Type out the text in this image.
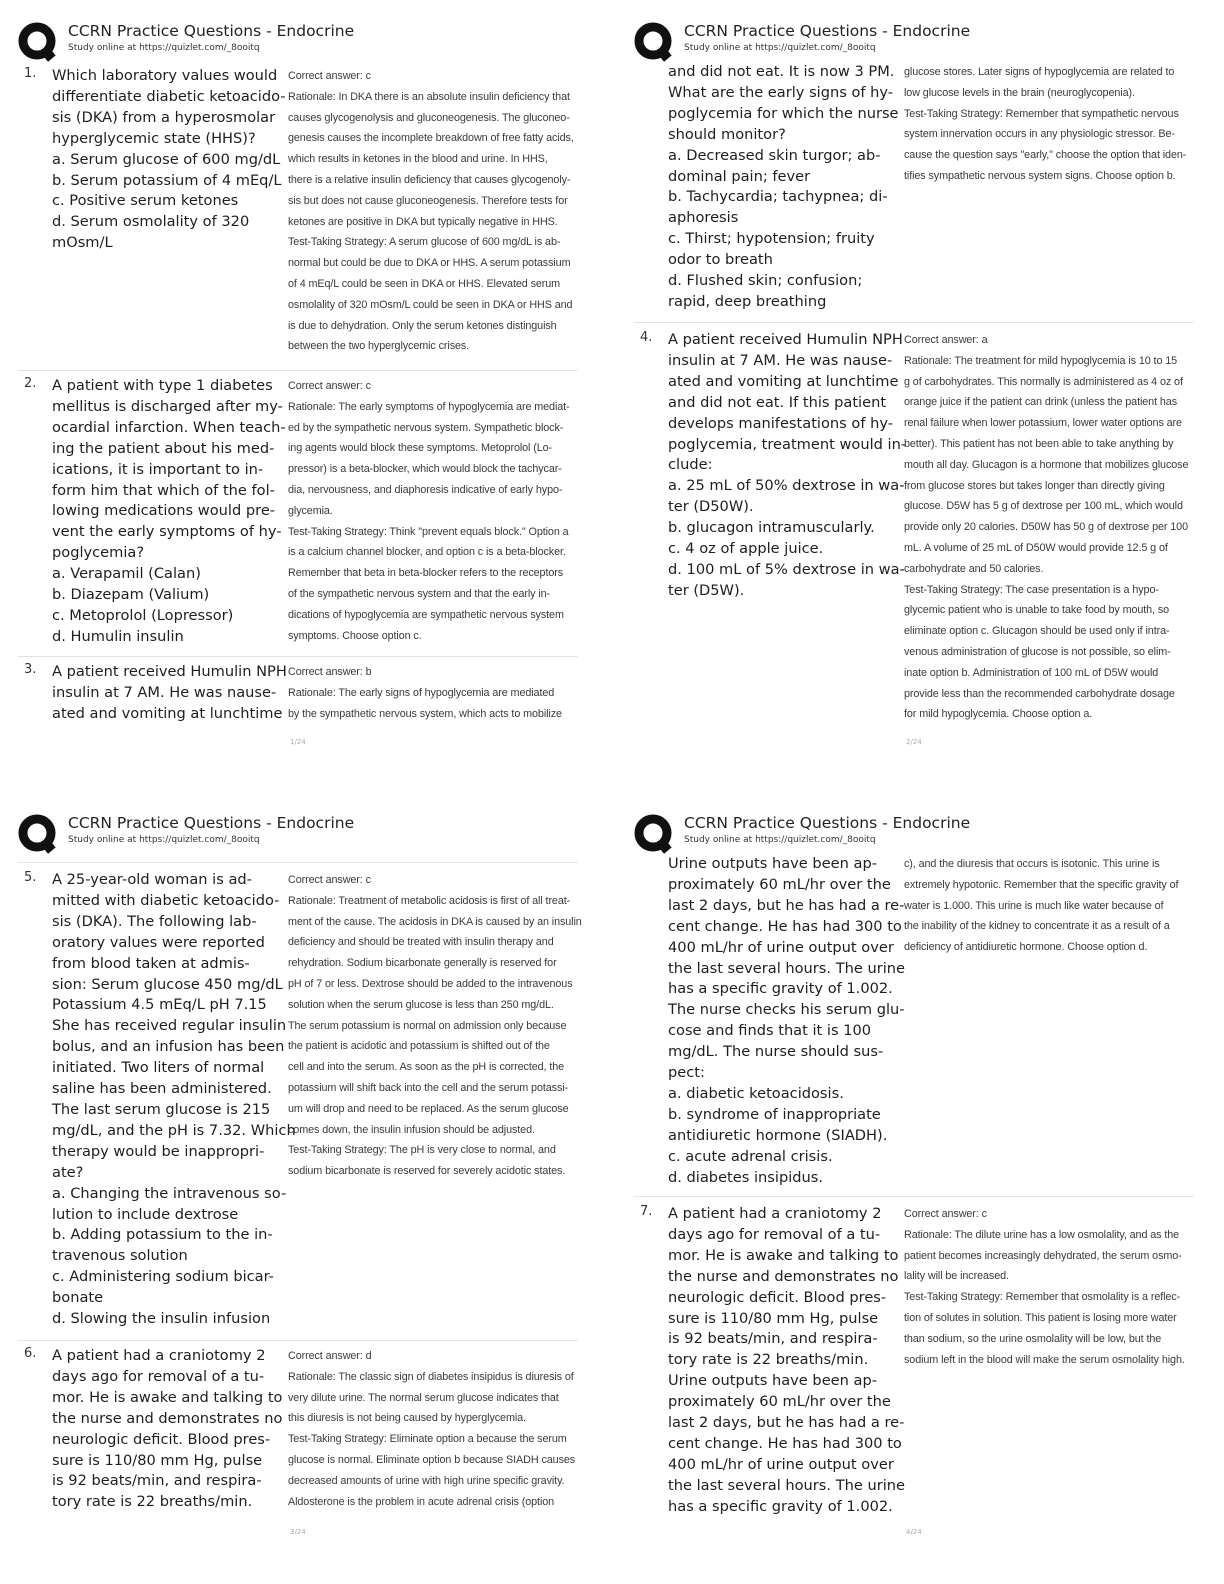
CCRN Practice Questions - Endocrine
Study online at https://quizlet.com/_8ooitq
1. Which laboratory values would
differentiate diabetic ketoacido-
sis (DKA) from a hyperosmolar
hyperglycemic state (HHS)?
a. Serum glucose of 600 mg/dL
b. Serum potassium of 4 mEq/L
c. Positive serum ketones
d. Serum osmolality of 320
mOsm/L
Correct answer: c
Rationale: In DKA there is an absolute insulin deficiency that
causes glycogenolysis and gluconeogenesis. The gluconeo-
genesis causes the incomplete breakdown of free fatty acids,
which results in ketones in the blood and urine. In HHS,
there is a relative insulin deficiency that causes glycogenoly-
sis but does not cause gluconeogenesis. Therefore tests for
ketones are positive in DKA but typically negative in HHS.
Test-Taking Strategy: A serum glucose of 600 mg/dL is ab-
normal but could be due to DKA or HHS. A serum potassium
of 4 mEq/L could be seen in DKA or HHS. Elevated serum
osmolality of 320 mOsm/L could be seen in DKA or HHS and
is due to dehydration. Only the serum ketones distinguish
between the two hyperglycemic crises.
2. A patient with type 1 diabetes
mellitus is discharged after my-
ocardial infarction. When teach-
ing the patient about his med-
ications, it is important to in-
form him that which of the fol-
lowing medications would pre-
vent the early symptoms of hy-
poglycemia?
a. Verapamil (Calan)
b. Diazepam (Valium)
c. Metoprolol (Lopressor)
d. Humulin insulin
Correct answer: c
Rationale: The early symptoms of hypoglycemia are mediat-
ed by the sympathetic nervous system. Sympathetic block-
ing agents would block these symptoms. Metoprolol (Lo-
pressor) is a beta-blocker, which would block the tachycar-
dia, nervousness, and diaphoresis indicative of early hypo-
glycemia.
Test-Taking Strategy: Think "prevent equals block." Option a
is a calcium channel blocker, and option c is a beta-blocker.
Remember that beta in beta-blocker refers to the receptors
of the sympathetic nervous system and that the early in-
dications of hypoglycemia are sympathetic nervous system
symptoms. Choose option c.
3. A patient received Humulin NPH
insulin at 7 AM. He was nause-
ated and vomiting at lunchtime
Correct answer: b
Rationale: The early signs of hypoglycemia are mediated
by the sympathetic nervous system, which acts to mobilize
1/24
CCRN Practice Questions - Endocrine
Study online at https://quizlet.com/_8ooitq
and did not eat. It is now 3 PM.
What are the early signs of hy-
poglycemia for which the nurse
should monitor?
a. Decreased skin turgor; ab-
dominal pain; fever
b. Tachycardia; tachypnea; di-
aphoresis
c. Thirst; hypotension; fruity
odor to breath
d. Flushed skin; confusion;
rapid, deep breathing
glucose stores. Later signs of hypoglycemia are related to
low glucose levels in the brain (neuroglycopenia).
Test-Taking Strategy: Remember that sympathetic nervous
system innervation occurs in any physiologic stressor. Be-
cause the question says "early," choose the option that iden-
tifies sympathetic nervous system signs. Choose option b.
4. A patient received Humulin NPH
insulin at 7 AM. He was nause-
ated and vomiting at lunchtime
and did not eat. If this patient
develops manifestations of hy-
poglycemia, treatment would in-
clude:
a. 25 mL of 50% dextrose in wa-
ter (D50W).
b. glucagon intramuscularly.
c. 4 oz of apple juice.
d. 100 mL of 5% dextrose in wa-
ter (D5W).
Correct answer: a
Rationale: The treatment for mild hypoglycemia is 10 to 15
g of carbohydrates. This normally is administered as 4 oz of
orange juice if the patient can drink (unless the patient has
renal failure when lower potassium, lower water options are
better). This patient has not been able to take anything by
mouth all day. Glucagon is a hormone that mobilizes glucose
from glucose stores but takes longer than directly giving
glucose. D5W has 5 g of dextrose per 100 mL, which would
provide only 20 calories. D50W has 50 g of dextrose per 100
mL. A volume of 25 mL of D50W would provide 12.5 g of
carbohydrate and 50 calories.
Test-Taking Strategy: The case presentation is a hypo-
glycemic patient who is unable to take food by mouth, so
eliminate option c. Glucagon should be used only if intra-
venous administration of glucose is not possible, so elim-
inate option b. Administration of 100 mL of D5W would
provide less than the recommended carbohydrate dosage
for mild hypoglycemia. Choose option a.
2/24
CCRN Practice Questions - Endocrine
Study online at https://quizlet.com/_8ooitq
5. A 25-year-old woman is ad-
mitted with diabetic ketoacido-
sis (DKA). The following lab-
oratory values were reported
from blood taken at admis-
sion: Serum glucose 450 mg/dL
Potassium 4.5 mEq/L pH 7.15
She has received regular insulin
bolus, and an infusion has been
initiated. Two liters of normal
saline has been administered.
The last serum glucose is 215
mg/dL, and the pH is 7.32. Which
therapy would be inappropri-
ate?
a. Changing the intravenous so-
lution to include dextrose
b. Adding potassium to the in-
travenous solution
c. Administering sodium bicar-
bonate
d. Slowing the insulin infusion
Correct answer: c
Rationale: Treatment of metabolic acidosis is first of all treat-
ment of the cause. The acidosis in DKA is caused by an insulin
deficiency and should be treated with insulin therapy and
rehydration. Sodium bicarbonate generally is reserved for
pH of 7 or less. Dextrose should be added to the intravenous
solution when the serum glucose is less than 250 mg/dL.
The serum potassium is normal on admission only because
the patient is acidotic and potassium is shifted out of the
cell and into the serum. As soon as the pH is corrected, the
potassium will shift back into the cell and the serum potassi-
um will drop and need to be replaced. As the serum glucose
comes down, the insulin infusion should be adjusted.
Test-Taking Strategy: The pH is very close to normal, and
sodium bicarbonate is reserved for severely acidotic states.
6. A patient had a craniotomy 2
days ago for removal of a tu-
mor. He is awake and talking to
the nurse and demonstrates no
neurologic deficit. Blood pres-
sure is 110/80 mm Hg, pulse
is 92 beats/min, and respira-
tory rate is 22 breaths/min.
Correct answer: d
Rationale: The classic sign of diabetes insipidus is diuresis of
very dilute urine. The normal serum glucose indicates that
this diuresis is not being caused by hyperglycemia.
Test-Taking Strategy: Eliminate option a because the serum
glucose is normal. Eliminate option b because SIADH causes
decreased amounts of urine with high urine specific gravity.
Aldosterone is the problem in acute adrenal crisis (option
3/24
CCRN Practice Questions - Endocrine
Study online at https://quizlet.com/_8ooitq
Urine outputs have been ap-
proximately 60 mL/hr over the
last 2 days, but he has had a re-
cent change. He has had 300 to
400 mL/hr of urine output over
the last several hours. The urine
has a specific gravity of 1.002.
The nurse checks his serum glu-
cose and finds that it is 100
mg/dL. The nurse should sus-
pect:
a. diabetic ketoacidosis.
b. syndrome of inappropriate
antidiuretic hormone (SIADH).
c. acute adrenal crisis.
d. diabetes insipidus.
c), and the diuresis that occurs is isotonic. This urine is
extremely hypotonic. Remember that the specific gravity of
water is 1.000. This urine is much like water because of
the inability of the kidney to concentrate it as a result of a
deficiency of antidiuretic hormone. Choose option d.
7. A patient had a craniotomy 2
days ago for removal of a tu-
mor. He is awake and talking to
the nurse and demonstrates no
neurologic deficit. Blood pres-
sure is 110/80 mm Hg, pulse
is 92 beats/min, and respira-
tory rate is 22 breaths/min.
Urine outputs have been ap-
proximately 60 mL/hr over the
last 2 days, but he has had a re-
cent change. He has had 300 to
400 mL/hr of urine output over
the last several hours. The urine
has a specific gravity of 1.002.
Correct answer: c
Rationale: The dilute urine has a low osmolality, and as the
patient becomes increasingly dehydrated, the serum osmo-
lality will be increased.
Test-Taking Strategy: Remember that osmolality is a reflec-
tion of solutes in solution. This patient is losing more water
than sodium, so the urine osmolality will be low, but the
sodium left in the blood will make the serum osmolality high.
4/24
